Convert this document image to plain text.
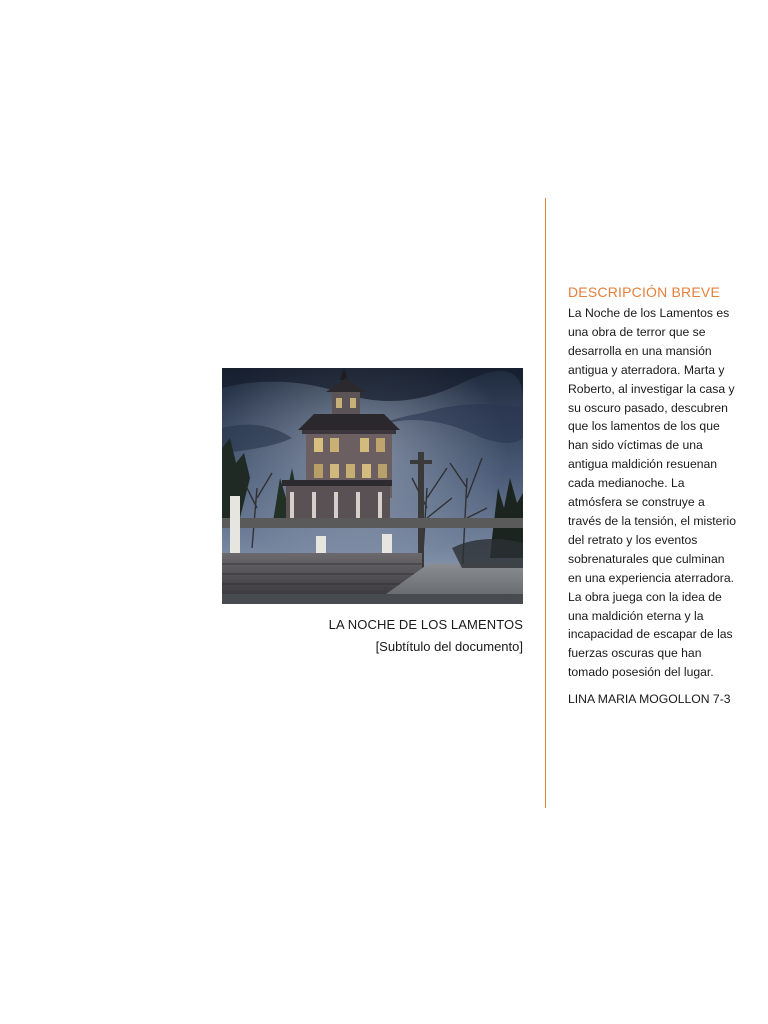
LA NOCHE DE LOS LAMENTOS
[Subtítulo del documento]
DESCRIPCIÓN BREVE

La Noche de los Lamentos es una obra de terror que se desarrolla en una mansión antigua y aterradora. Marta y Roberto, al investigar la casa y su oscuro pasado, descubren que los lamentos de los que han sido víctimas de una antigua maldición resuenan cada medianoche. La atmósfera se construye a través de la tensión, el misterio del retrato y los eventos sobrenaturales que culminan en una experiencia aterradora. La obra juega con la idea de una maldición eterna y la incapacidad de escapar de las fuerzas oscuras que han tomado posesión del lugar.

LINA MARIA MOGOLLON 7-3
